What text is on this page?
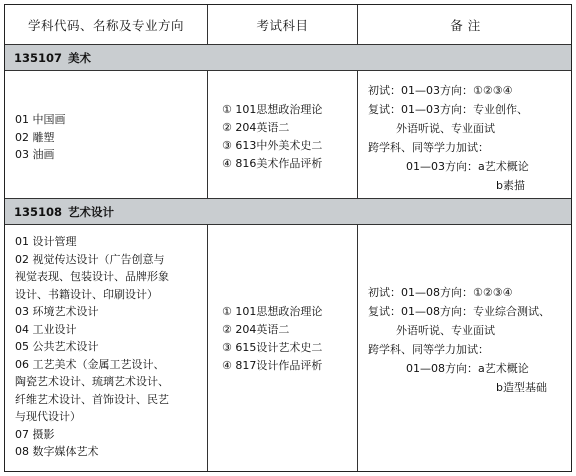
学科代码、名称及专业方向	考试科目	备 注
135107 美术
01 中国画
02 雕塑
03 油画
① 101思想政治理论
② 204英语二
③ 613中外美术史二
④ 816美术作品评析
初试：01—03方向：①②③④
复试：01—03方向：专业创作、
外语听说、专业面试
跨学科、同等学力加试：
01—03方向：a艺术概论
b素描
135108 艺术设计
01 设计管理
02 视觉传达设计（广告创意与
视觉表现、包装设计、品牌形象
设计、书籍设计、印刷设计）
03 环境艺术设计
04 工业设计
05 公共艺术设计
06 工艺美术（金属工艺设计、
陶瓷艺术设计、琉璃艺术设计、
纤维艺术设计、首饰设计、民艺
与现代设计）
07 摄影
08 数字媒体艺术
① 101思想政治理论
② 204英语二
③ 615设计艺术史二
④ 817设计作品评析
初试：01—08方向：①②③④
复试：01—08方向：专业综合测试、
外语听说、专业面试
跨学科、同等学力加试：
01—08方向：a艺术概论
b造型基础
